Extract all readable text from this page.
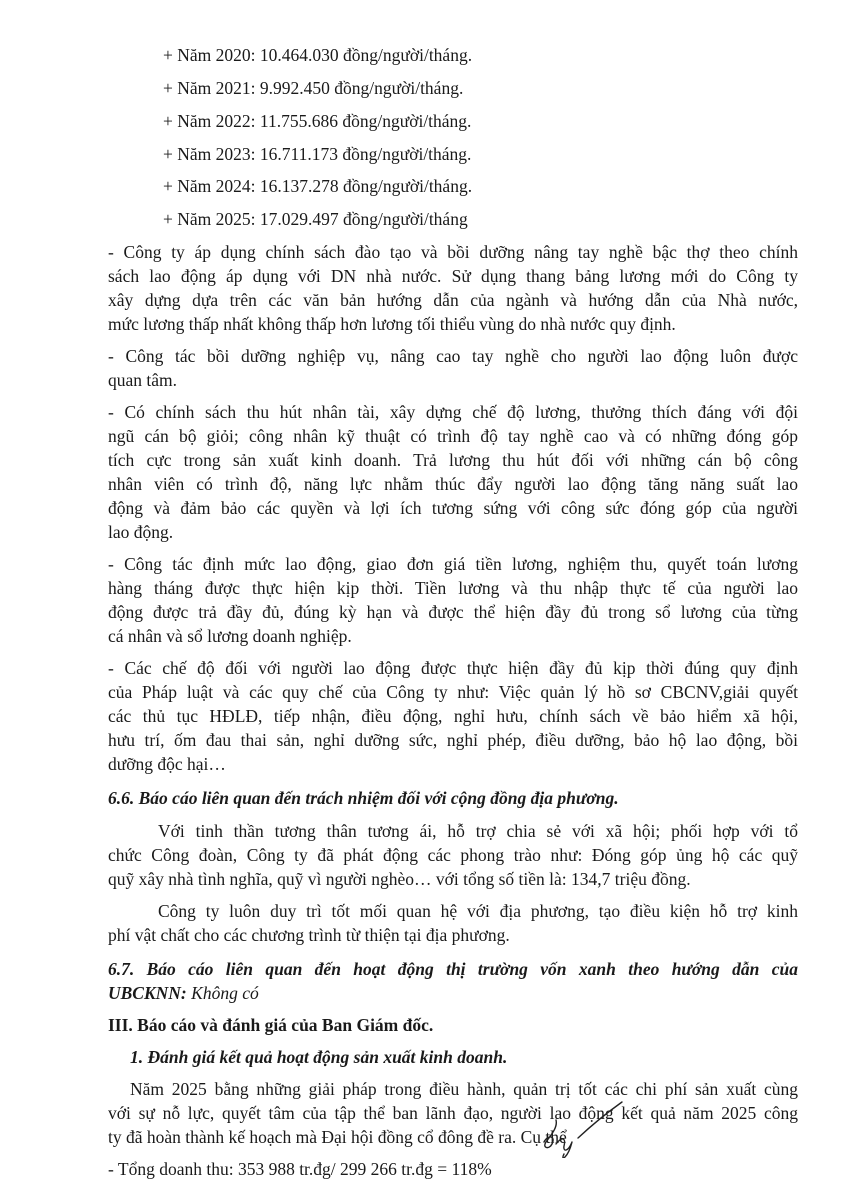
+ Năm 2020: 10.464.030 đồng/người/tháng.
+ Năm 2021: 9.992.450 đồng/người/tháng.
+ Năm 2022: 11.755.686 đồng/người/tháng.
+ Năm 2023: 16.711.173 đồng/người/tháng.
+ Năm 2024: 16.137.278 đồng/người/tháng.
+ Năm 2025: 17.029.497 đồng/người/tháng
- Công ty áp dụng chính sách đào tạo và bồi dưỡng nâng tay nghề bậc thợ theo chính
sách lao động áp dụng với DN nhà nước. Sử dụng thang bảng lương mới do Công ty
xây dựng dựa trên các văn bản hướng dẫn của ngành và hướng dẫn của Nhà nước,
mức lương thấp nhất không thấp hơn lương tối thiểu vùng do nhà nước quy định.
- Công tác bồi dưỡng nghiệp vụ, nâng cao tay nghề cho người lao động luôn được
quan tâm.
- Có chính sách thu hút nhân tài, xây dựng chế độ lương, thưởng thích đáng với đội
ngũ cán bộ giỏi; công nhân kỹ thuật có trình độ tay nghề cao và có những đóng góp
tích cực trong sản xuất kinh doanh. Trả lương thu hút đối với những cán bộ công
nhân viên có trình độ, năng lực nhằm thúc đẩy người lao động tăng năng suất lao
động và đảm bảo các quyền và lợi ích tương sứng với công sức đóng góp của người
lao động.
- Công tác định mức lao động, giao đơn giá tiền lương, nghiệm thu, quyết toán lương
hàng tháng được thực hiện kịp thời. Tiền lương và thu nhập thực tế của người lao
động được trả đầy đủ, đúng kỳ hạn và được thể hiện đầy đủ trong sổ lương của từng
cá nhân và sổ lương doanh nghiệp.
- Các chế độ đối với người lao động được thực hiện đầy đủ kịp thời đúng quy định
của Pháp luật và các quy chế của Công ty như: Việc quản lý hồ sơ CBCNV,giải quyết
các thủ tục HĐLĐ, tiếp nhận, điều động, nghỉ hưu, chính sách về bảo hiểm xã hội,
hưu trí, ốm đau thai sản, nghỉ dưỡng sức, nghỉ phép, điều dưỡng, bảo hộ lao động, bồi
dưỡng độc hại…
6.6. Báo cáo liên quan đến trách nhiệm đối với cộng đồng địa phương.
Với tinh thần tương thân tương ái, hỗ trợ chia sẻ với xã hội; phối hợp với tổ
chức Công đoàn, Công ty đã phát động các phong trào như: Đóng góp ủng hộ các quỹ
quỹ xây nhà tình nghĩa, quỹ vì người nghèo… với tổng số tiền là: 134,7 triệu đồng.
Công ty luôn duy trì tốt mối quan hệ với địa phương, tạo điều kiện hỗ trợ kinh
phí vật chất cho các chương trình từ thiện tại địa phương.
6.7. Báo cáo liên quan đến hoạt động thị trường vốn xanh theo hướng dẫn của
UBCKNN: Không có
III. Báo cáo và đánh giá của Ban Giám đốc.
1. Đánh giá kết quả hoạt động sản xuất kinh doanh.
Năm 2025 bằng những giải pháp trong điều hành, quản trị tốt các chi phí sản xuất cùng
với sự nỗ lực, quyết tâm của tập thể ban lãnh đạo, người lao động kết quả năm 2025 công
ty đã hoàn thành kế hoạch mà Đại hội đồng cổ đông đề ra. Cụ thể
- Tổng doanh thu: 353 988 tr.đg/ 299 266 tr.đg = 118%
